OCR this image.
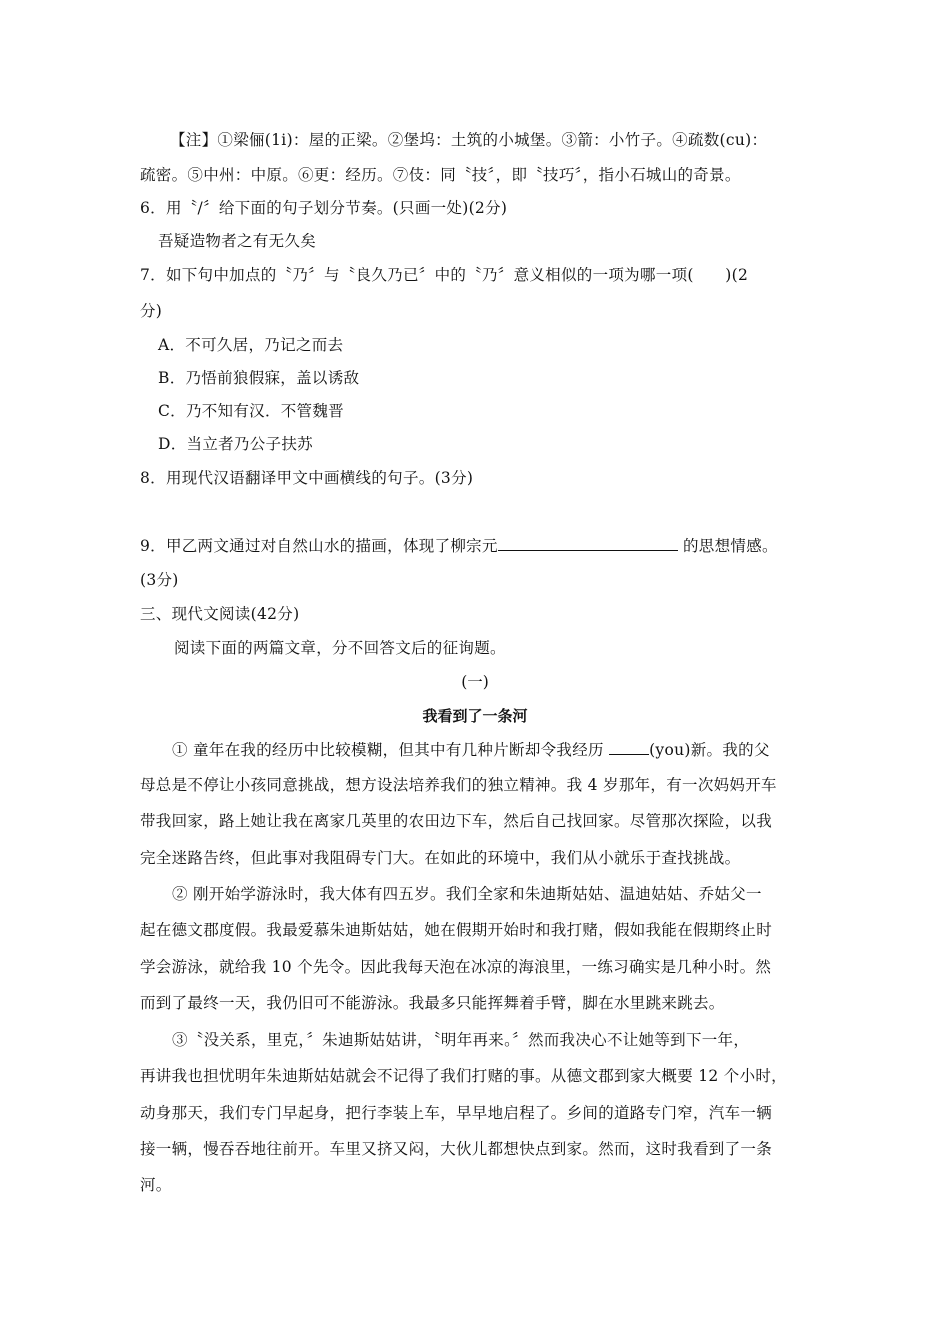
【注】①梁俪(1i)：屋的正梁。②堡坞：土筑的小城堡。③箭：小竹子。④疏数(cu)：
疏密。⑤中州：中原。⑥更：经历。⑦伎：同〝技〞，即〝技巧〞，指小石城山的奇景。
6．用〝/〞给下面的句子划分节奏。(只画一处)(2分)
吾疑造物者之有无久矣
7．如下句中加点的〝乃〞与〝良久乃已〞中的〝乃〞意义相似的一项为哪一项(　　)(2
分)
A．不可久居，乃记之而去
B．乃悟前狼假寐，盖以诱敌
C．乃不知有汉．不管魏晋
D．当立者乃公子扶苏
8．用现代汉语翻译甲文中画横线的句子。(3分)
9．甲乙两文通过对自然山水的描画，体现了柳宗元	的思想情感。
(3分)
三、现代文阅读(42分)
阅读下面的两篇文章，分不回答文后的征询题。
(一)
我看到了一条河
① 童年在我的经历中比较模糊，但其中有几种片断却令我经历	(you)新。我的父
母总是不停让小孩同意挑战，想方设法培养我们的独立精神。我 4 岁那年，有一次妈妈开车
带我回家，路上她让我在离家几英里的农田边下车，然后自己找回家。尽管那次探险，以我
完全迷路告终，但此事对我阻碍专门大。在如此的环境中，我们从小就乐于查找挑战。
② 刚开始学游泳时，我大体有四五岁。我们全家和朱迪斯姑姑、温迪姑姑、乔姑父一
起在德文郡度假。我最爱慕朱迪斯姑姑，她在假期开始时和我打赌，假如我能在假期终止时
学会游泳，就给我 10 个先令。因此我每天泡在冰凉的海浪里，一练习确实是几种小时。然
而到了最终一天，我仍旧可不能游泳。我最多只能挥舞着手臂，脚在水里跳来跳去。
③〝没关系，里克，〞朱迪斯姑姑讲，〝明年再来。〞然而我决心不让她等到下一年，
再讲我也担忧明年朱迪斯姑姑就会不记得了我们打赌的事。从德文郡到家大概要 12 个小时，
动身那天，我们专门早起身，把行李装上车，早早地启程了。乡间的道路专门窄，汽车一辆
接一辆，慢吞吞地往前开。车里又挤又闷，大伙儿都想快点到家。然而，这时我看到了一条
河。
